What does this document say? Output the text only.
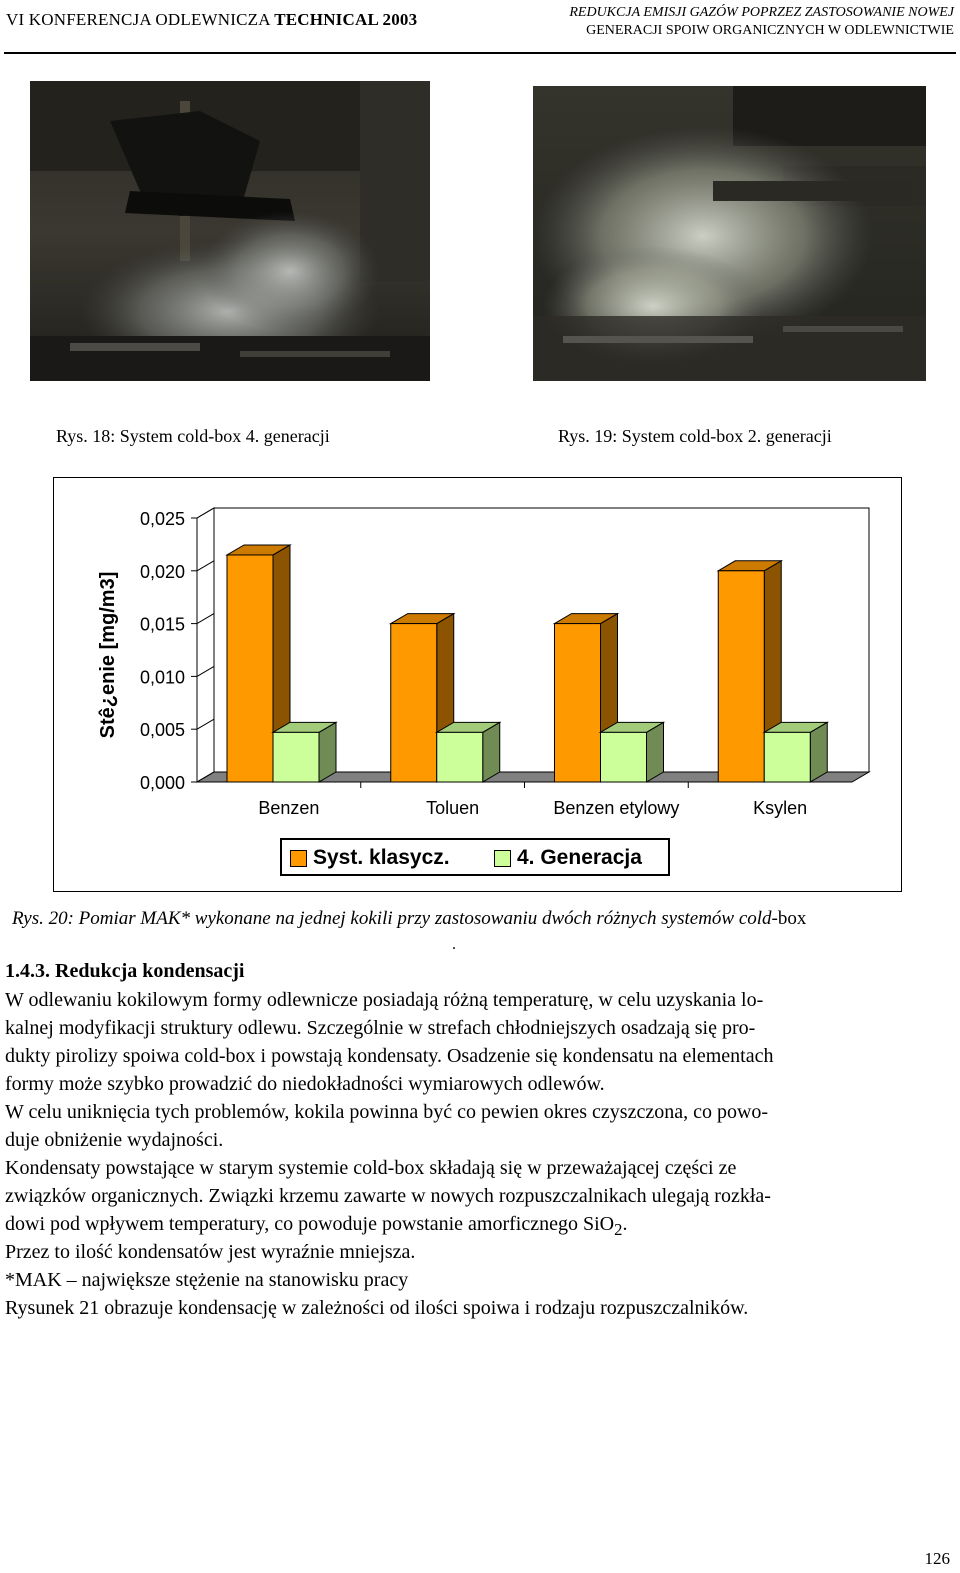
VI KONFERENCJA ODLEWNICZA TECHNICAL 2003	REDUKCJA EMISJI GAZÓW POPRZEZ ZASTOSOWANIE NOWEJ
GENERACJI SPOIW ORGANICZNYCH W ODLEWNICTWIE
Rys. 18: System cold-box 4. generacji	Rys. 19: System cold-box 2. generacji
0,025
0,020
0,015
0,010
0,005
0,000
Stê¿enie [mg/m3]
Benzen	Toluen	Benzen etylowy	Ksylen
Syst. klasycz.	4. Generacja
Rys. 20: Pomiar MAK* wykonane na jednej kokili przy zastosowaniu dwóch różnych systemów cold-box
.
1.4.3. Redukcja kondensacji
W odlewaniu kokilowym formy odlewnicze posiadają różną temperaturę, w celu uzyskania lo-
kalnej modyfikacji struktury odlewu. Szczególnie w strefach chłodniejszych osadzają się pro-
dukty pirolizy spoiwa cold-box i powstają kondensaty. Osadzenie się kondensatu na elementach
formy może szybko prowadzić do niedokładności wymiarowych odlewów.
W celu uniknięcia tych problemów, kokila powinna być co pewien okres czyszczona, co powo-
duje obniżenie wydajności.
Kondensaty powstające w starym systemie cold-box składają się w przeważającej części ze
związków organicznych. Związki krzemu zawarte w nowych rozpuszczalnikach ulegają rozkła-
dowi pod wpływem temperatury, co powoduje powstanie amorficznego SiO$_2$.
Przez to ilość kondensatów jest wyraźnie mniejsza.
*MAK – największe stężenie na stanowisku pracy
Rysunek 21 obrazuje kondensację w zależności od ilości spoiwa i rodzaju rozpuszczalników.
126
